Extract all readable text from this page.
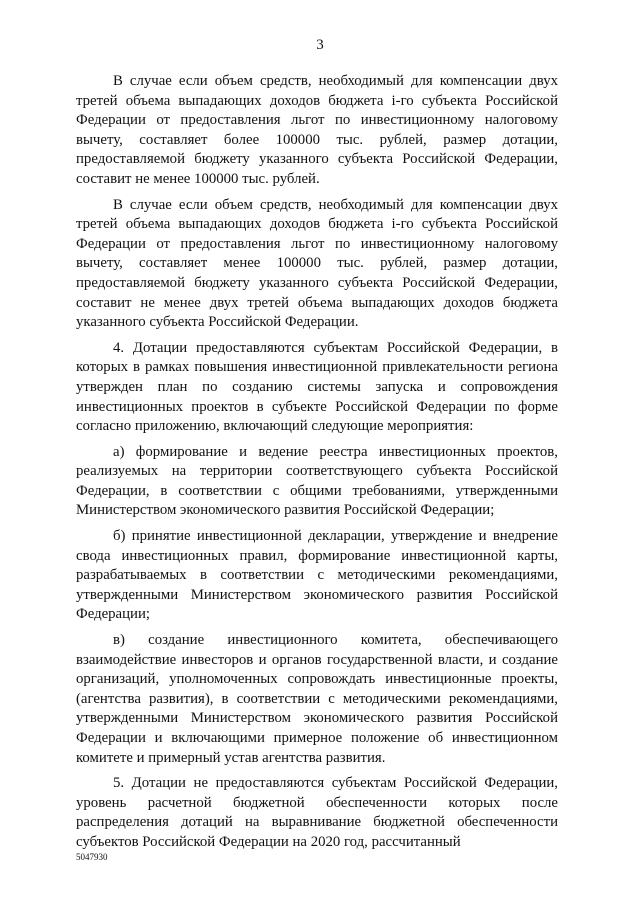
3

В случае если объем средств, необходимый для компенсации двух третей объема выпадающих доходов бюджета i-го субъекта Российской Федерации от предоставления льгот по инвестиционному налоговому вычету, составляет более 100000 тыс. рублей, размер дотации, предоставляемой бюджету указанного субъекта Российской Федерации, составит не менее 100000 тыс. рублей.

В случае если объем средств, необходимый для компенсации двух третей объема выпадающих доходов бюджета i-го субъекта Российской Федерации от предоставления льгот по инвестиционному налоговому вычету, составляет менее 100000 тыс. рублей, размер дотации, предоставляемой бюджету указанного субъекта Российской Федерации, составит не менее двух третей объема выпадающих доходов бюджета указанного субъекта Российской Федерации.

4. Дотации предоставляются субъектам Российской Федерации, в которых в рамках повышения инвестиционной привлекательности региона утвержден план по созданию системы запуска и сопровождения инвестиционных проектов в субъекте Российской Федерации по форме согласно приложению, включающий следующие мероприятия:

а) формирование и ведение реестра инвестиционных проектов, реализуемых на территории соответствующего субъекта Российской Федерации, в соответствии с общими требованиями, утвержденными Министерством экономического развития Российской Федерации;

б) принятие инвестиционной декларации, утверждение и внедрение свода инвестиционных правил, формирование инвестиционной карты, разрабатываемых в соответствии с методическими рекомендациями, утвержденными Министерством экономического развития Российской Федерации;

в) создание инвестиционного комитета, обеспечивающего взаимодействие инвесторов и органов государственной власти, и создание организаций, уполномоченных сопровождать инвестиционные проекты, (агентства развития), в соответствии с методическими рекомендациями, утвержденными Министерством экономического развития Российской Федерации и включающими примерное положение об инвестиционном комитете и примерный устав агентства развития.

5. Дотации не предоставляются субъектам Российской Федерации, уровень расчетной бюджетной обеспеченности которых после распределения дотаций на выравнивание бюджетной обеспеченности субъектов Российской Федерации на 2020 год, рассчитанный

5047930
